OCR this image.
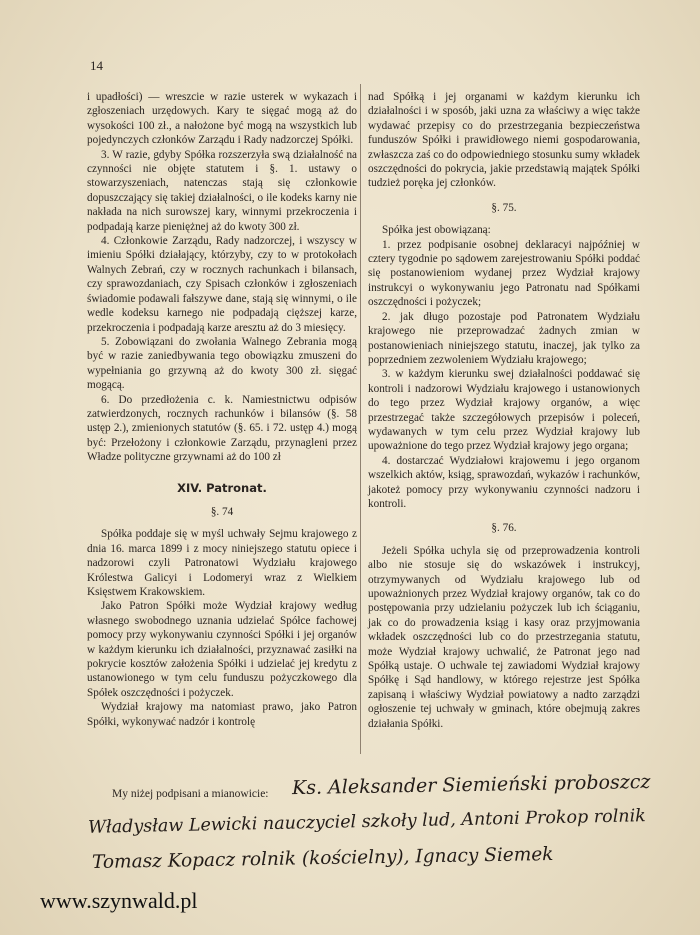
14

i upadłości) — wreszcie w razie usterek w wykazach i zgłoszeniach urzędowych. Kary te sięgać mogą aż do wysokości 100 zł., a nałożone być mogą na wszystkich lub pojedynczych członków Zarządu i Rady nadzorczej Spółki.

3. W razie, gdyby Spółka rozszerzyła swą działalność na czynności nie objęte statutem i §. 1. ustawy o stowarzyszeniach, natenczas stają się członkowie dopuszczający się takiej działalności, o ile kodeks karny nie nakłada na nich surowszej kary, winnymi przekroczenia i podpadają karze pieniężnej aż do kwoty 300 zł.

4. Członkowie Zarządu, Rady nadzorczej, i wszyscy w imieniu Spółki działający, którzyby, czy to w protokołach Walnych Zebrań, czy w rocznych rachunkach i bilansach, czy sprawozdaniach, czy Spisach członków i zgłoszeniach świadomie podawali fałszywe dane, stają się winnymi, o ile wedle kodeksu karnego nie podpadają cięższej karze, przekroczenia i podpadają karze aresztu aż do 3 miesięcy.

5. Zobowiązani do zwołania Walnego Zebrania mogą być w razie zaniedbywania tego obowiązku zmuszeni do wypełniania go grzywną aż do kwoty 300 zł. sięgać mogącą.

6. Do przedłożenia c. k. Namiestnictwu odpisów zatwierdzonych, rocznych rachunków i bilansów (§. 58 ustęp 2.), zmienionych statutów (§. 65. i 72. ustęp 4.) mogą być: Przełożony i członkowie Zarządu, przynagleni przez Władze polityczne grzywnami aż do 100 zł

XIV. Patronat.
§. 74

Spółka poddaje się w myśl uchwały Sejmu krajowego z dnia 16. marca 1899 i z mocy niniejszego statutu opiece i nadzorowi czyli Patronatowi Wydziału krajowego Królestwa Galicyi i Lodomeryi wraz z Wielkiem Księstwem Krakowskiem.

Jako Patron Spółki może Wydział krajowy według własnego swobodnego uznania udzielać Spółce fachowej pomocy przy wykonywaniu czynności Spółki i jej organów w każdym kierunku ich działalności, przyznawać zasiłki na pokrycie kosztów założenia Spółki i udzielać jej kredytu z ustanowionego w tym celu funduszu pożyczkowego dla Spółek oszczędności i pożyczek.

Wydział krajowy ma natomiast prawo, jako Patron Spółki, wykonywać nadzór i kontrolę

nad Spółką i jej organami w każdym kierunku ich działalności i w sposób, jaki uzna za właściwy a więc także wydawać przepisy co do przestrzegania bezpieczeństwa funduszów Spółki i prawidłowego niemi gospodarowania, zwłaszcza zaś co do odpowiedniego stosunku sumy wkładek oszczędności do pokrycia, jakie przedstawią majątek Spółki tudzież poręka jej członków.

§. 75.

Spółka jest obowiązaną:

1. przez podpisanie osobnej deklaracyi najpóźniej w cztery tygodnie po sądowem zarejestrowaniu Spółki poddać się postanowieniom wydanej przez Wydział krajowy instrukcyi o wykonywaniu jego Patronatu nad Spółkami oszczędności i pożyczek;

2. jak długo pozostaje pod Patronatem Wydziału krajowego nie przeprowadzać żadnych zmian w postanowieniach niniejszego statutu, inaczej, jak tylko za poprzedniem zezwoleniem Wydziału krajowego;

3. w każdym kierunku swej działalności poddawać się kontroli i nadzorowi Wydziału krajowego i ustanowionych do tego przez Wydział krajowy organów, a więc przestrzegać także szczegółowych przepisów i poleceń, wydawanych w tym celu przez Wydział krajowy lub upoważnione do tego przez Wydział krajowy jego organa;

4. dostarczać Wydziałowi krajowemu i jego organom wszelkich aktów, ksiąg, sprawozdań, wykazów i rachunków, jakoteż pomocy przy wykonywaniu czynności nadzoru i kontroli.

§. 76.

Jeżeli Spółka uchyla się od przeprowadzenia kontroli albo nie stosuje się do wskazówek i instrukcyj, otrzymywanych od Wydziału krajowego lub od upoważnionych przez Wydział krajowy organów, tak co do postępowania przy udzielaniu pożyczek lub ich ściąganiu, jak co do prowadzenia ksiąg i kasy oraz przyjmowania wkładek oszczędności lub co do przestrzegania statutu, może Wydział krajowy uchwalić, że Patronat jego nad Spółką ustaje. O uchwale tej zawiadomi Wydział krajowy Spółkę i Sąd handlowy, w którego rejestrze jest Spółka zapisaną i właściwy Wydział powiatowy a nadto zarządzi ogłoszenie tej uchwały w gminach, które obejmują zakres działania Spółki.

My niżej podpisani a mianowicie: Ks. Aleksander Siemieński proboszcz
Władysław Lewicki nauczyciel szkoły lud, Antoni Prokop rolnik
Tomasz Kopacz rolnik (kościelny), Ignacy Siemek
www.szynwald.pl
